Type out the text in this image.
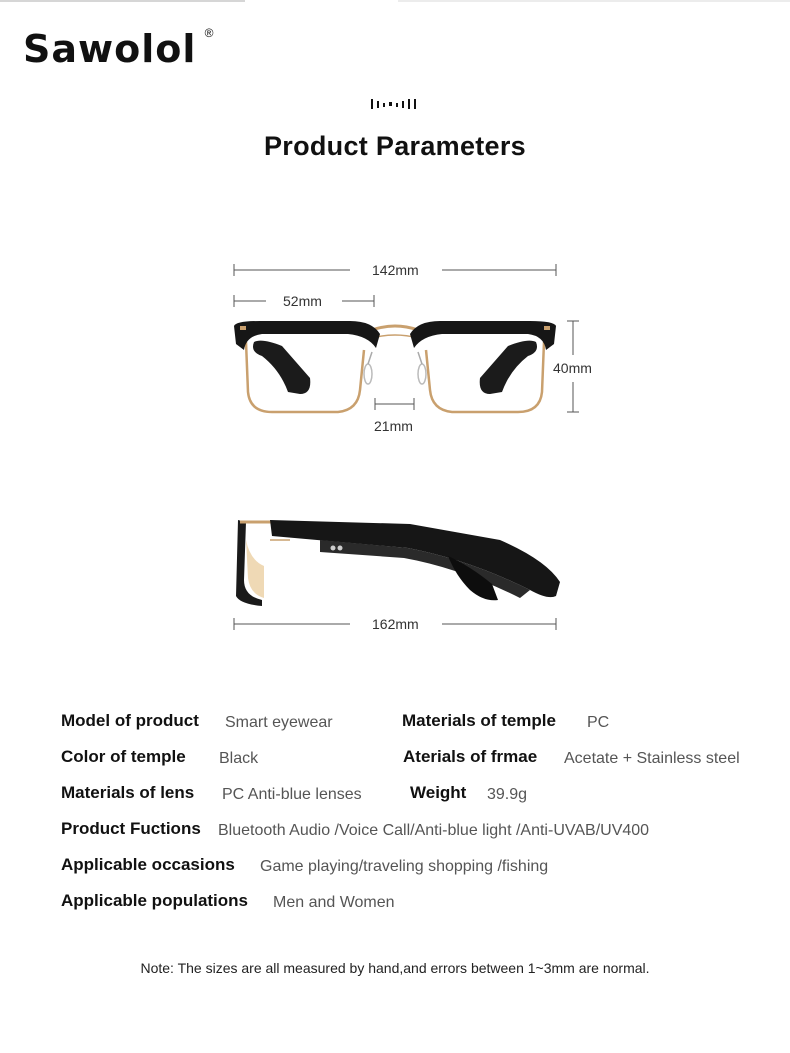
Sawolol ®
Product Parameters
142mm
52mm
40mm
21mm
162mm
Model of product Smart eyewear	Materials of temple PC
Color of temple Black	Aterials of frmae Acetate + Stainless steel
Materials of lens PC Anti-blue lenses	Weight 39.9g
Product Fuctions Bluetooth Audio /Voice Call/Anti-blue light /Anti-UVAB/UV400
Applicable occasions Game playing/traveling shopping /fishing
Applicable populations Men and Women
Note: The sizes are all measured by hand,and errors between 1~3mm are normal.
